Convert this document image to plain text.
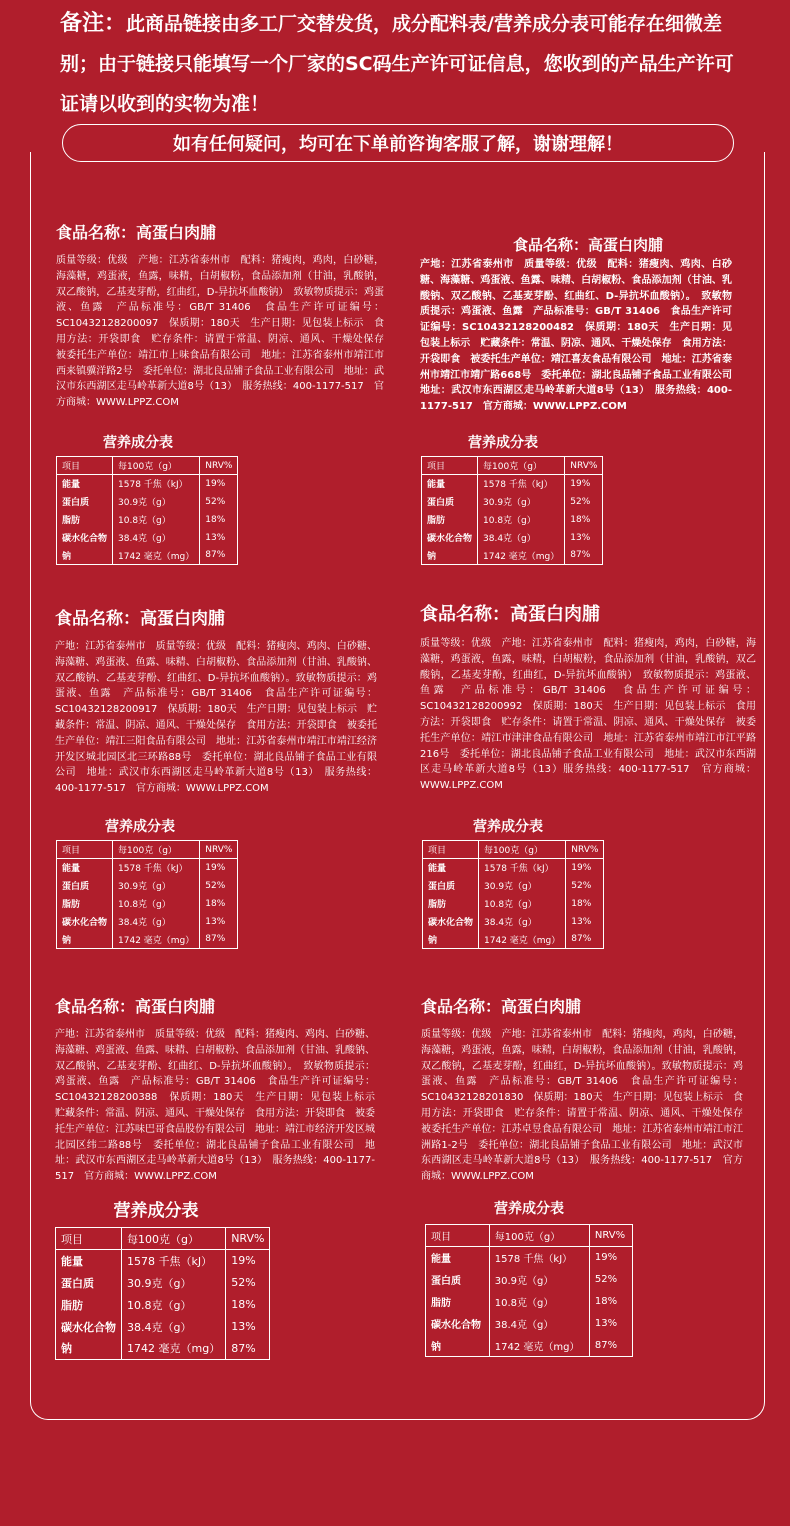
备注：此商品链接由多工厂交替发货，成分配料表/营养成分表可能存在细微差别；由于链接只能填写一个厂家的SC码生产许可证信息，您收到的产品生产许可证请以收到的实物为准！
如有任何疑问，均可在下单前咨询客服了解，谢谢理解！
食品名称：高蛋白肉脯
质量等级：优级　产地：江苏省泰州市　配料：猪瘦肉，鸡肉，白砂糖，海藻糖，鸡蛋液，鱼露，味精，白胡椒粉，食品添加剂（甘油，乳酸钠，双乙酸钠，乙基麦芽酚，红曲红，D-异抗坏血酸钠）　致敏物质提示：鸡蛋液、鱼露　产品标准号：GB/T 31406　食品生产许可证编号：SC10432128200097　保质期：180天　生产日期：见包装上标示　食用方法：开袋即食　贮存条件：请置于常温、阴凉、通风、干燥处保存　被委托生产单位：靖江市上味食品有限公司　地址：江苏省泰州市靖江市西来镇骥洋路2号　委托单位：湖北良品铺子食品工业有限公司　地址：武汉市东西湖区走马岭革新大道8号（13）　服务热线：400-1177-517　官方商城：WWW.LPPZ.COM
营养成分表
项目	每100克（g）	NRV%
能量	1578 千焦（kJ）	19%
蛋白质	30.9克（g）	52%
脂肪	10.8克（g）	18%
碳水化合物	38.4克（g）	13%
钠	1742 毫克（mg）	87%
食品名称：高蛋白肉脯
产地：江苏省泰州市　质量等级：优级　配料：猪瘦肉、鸡肉、白砂糖、海藻糖、鸡蛋液、鱼露、味精、白胡椒粉、食品添加剂（甘油、乳酸钠、双乙酸钠、乙基麦芽酚、红曲红、D-异抗坏血酸钠）。　致敏物质提示：鸡蛋液、鱼露　产品标准号：GB/T 31406　食品生产许可证编号：SC10432128200482　保质期：180天　生产日期：见包装上标示　贮藏条件：常温、阴凉、通风、干燥处保存　食用方法：开袋即食　被委托生产单位：靖江喜友食品有限公司　地址：江苏省泰州市靖江市靖广路668号　委托单位：湖北良品铺子食品工业有限公司　地址：武汉市东西湖区走马岭革新大道8号（13）　服务热线：400-1177-517　官方商城：WWW.LPPZ.COM
营养成分表
项目	每100克（g）	NRV%
能量	1578 千焦（kJ）	19%
蛋白质	30.9克（g）	52%
脂肪	10.8克（g）	18%
碳水化合物	38.4克（g）	13%
钠	1742 毫克（mg）	87%
食品名称：高蛋白肉脯
产地：江苏省泰州市　质量等级：优级　配料：猪瘦肉、鸡肉、白砂糖、海藻糖、鸡蛋液、鱼露、味精、白胡椒粉、食品添加剂（甘油、乳酸钠、双乙酸钠、乙基麦芽酚、红曲红、D-异抗坏血酸钠）。致敏物质提示：鸡蛋液、鱼露　产品标准号：GB/T 31406　食品生产许可证编号：SC10432128200917　保质期：180天　生产日期：见包装上标示　贮藏条件：常温、阴凉、通风、干燥处保存　食用方法：开袋即食　被委托生产单位：靖江三阳食品有限公司　地址：江苏省泰州市靖江市靖江经济开发区城北园区北三环路88号　委托单位：湖北良品铺子食品工业有限公司　地址：武汉市东西湖区走马岭革新大道8号（13）　服务热线：400-1177-517　官方商城：WWW.LPPZ.COM
营养成分表
项目	每100克（g）	NRV%
能量	1578 千焦（kJ）	19%
蛋白质	30.9克（g）	52%
脂肪	10.8克（g）	18%
碳水化合物	38.4克（g）	13%
钠	1742 毫克（mg）	87%
食品名称：高蛋白肉脯
质量等级：优级　产地：江苏省泰州市　配料：猪瘦肉，鸡肉，白砂糖，海藻糖，鸡蛋液，鱼露，味精，白胡椒粉，食品添加剂（甘油，乳酸钠，双乙酸钠，乙基麦芽酚，红曲红，D-异抗坏血酸钠）　致敏物质提示：鸡蛋液、鱼露　产品标准号：GB/T 31406　食品生产许可证编号：SC10432128200992　保质期：180天　生产日期：见包装上标示　食用方法：开袋即食　贮存条件：请置于常温、阴凉、通风、干燥处保存　被委托生产单位：靖江市津津食品有限公司　地址：江苏省泰州市靖江市江平路216号　委托单位：湖北良品铺子食品工业有限公司　地址：武汉市东西湖区走马岭革新大道8号（13）服务热线：400-1177-517　官方商城：WWW.LPPZ.COM
营养成分表
项目	每100克（g）	NRV%
能量	1578 千焦（kJ）	19%
蛋白质	30.9克（g）	52%
脂肪	10.8克（g）	18%
碳水化合物	38.4克（g）	13%
钠	1742 毫克（mg）	87%
食品名称：高蛋白肉脯
产地：江苏省泰州市　质量等级：优级　配料：猪瘦肉、鸡肉、白砂糖、海藻糖、鸡蛋液、鱼露、味精、白胡椒粉、食品添加剂（甘油、乳酸钠、双乙酸钠、乙基麦芽酚、红曲红、D-异抗坏血酸钠）。　致敏物质提示：鸡蛋液、鱼露　产品标准号：GB/T 31406　食品生产许可证编号：SC10432128200388　保质期：180天　生产日期：见包装上标示　贮藏条件：常温、阴凉、通风、干燥处保存　食用方法：开袋即食　被委托生产单位：江苏味巴哥食品股份有限公司　地址：靖江市经济开发区城北园区纬二路88号　委托单位：湖北良品铺子食品工业有限公司　地址：武汉市东西湖区走马岭革新大道8号（13）　服务热线：400-1177-517　官方商城：WWW.LPPZ.COM
营养成分表
项目	每100克（g）	NRV%
能量	1578 千焦（kJ）	19%
蛋白质	30.9克（g）	52%
脂肪	10.8克（g）	18%
碳水化合物	38.4克（g）	13%
钠	1742 毫克（mg）	87%
食品名称：高蛋白肉脯
质量等级：优级　产地：江苏省泰州市　配料：猪瘦肉，鸡肉，白砂糖，海藻糖，鸡蛋液，鱼露，味精，白胡椒粉，食品添加剂（甘油，乳酸钠，双乙酸钠，乙基麦芽酚，红曲红，D-异抗坏血酸钠）。致敏物质提示：鸡蛋液、鱼露　产品标准号：GB/T 31406　食品生产许可证编号：SC10432128201830　保质期：180天　生产日期：见包装上标示　食用方法：开袋即食　贮存条件：请置于常温、阴凉、通风、干燥处保存　被委托生产单位：江苏卓昱食品有限公司　地址：江苏省泰州市靖江市江洲路1-2号　委托单位：湖北良品铺子食品工业有限公司　地址：武汉市东西湖区走马岭革新大道8号（13）　服务热线：400-1177-517　官方商城：WWW.LPPZ.COM
营养成分表
项目	每100克（g）	NRV%
能量	1578 千焦（kJ）	19%
蛋白质	30.9克（g）	52%
脂肪	10.8克（g）	18%
碳水化合物	38.4克（g）	13%
钠	1742 毫克（mg）	87%
